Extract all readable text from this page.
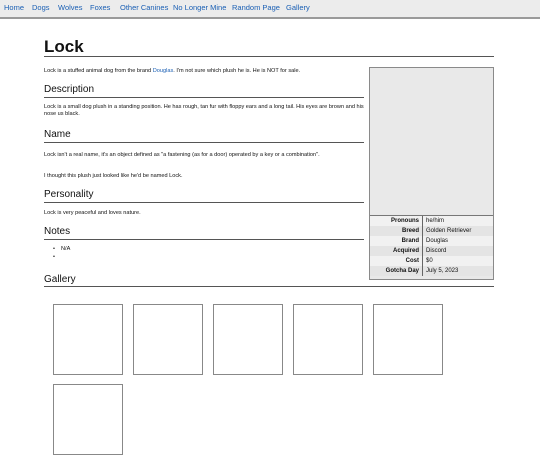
Home Dogs Wolves Foxes Other Canines No Longer Mine Random Page Gallery
Lock

Lock is a stuffed animal dog from the brand Douglas. I'm not sure which plush he is. He is NOT for sale.

Description

Lock is a small dog plush in a standing position. He has rough, tan fur with floppy ears and a long tail. His eyes are brown and his nose us black.

Name

Lock isn't a real name, it's an object defined as "a fastening (as for a door) operated by a key or a combination".

I thought this plush just looked like he'd be named Lock.

Personality

Lock is very peaceful and loves nature.

Notes
• N/A
•
Gallery
Pronouns	he/him
Breed	Golden Retriever
Brand	Douglas
Acquired	Discord
Cost	$0
Gotcha Day	July 5, 2023
